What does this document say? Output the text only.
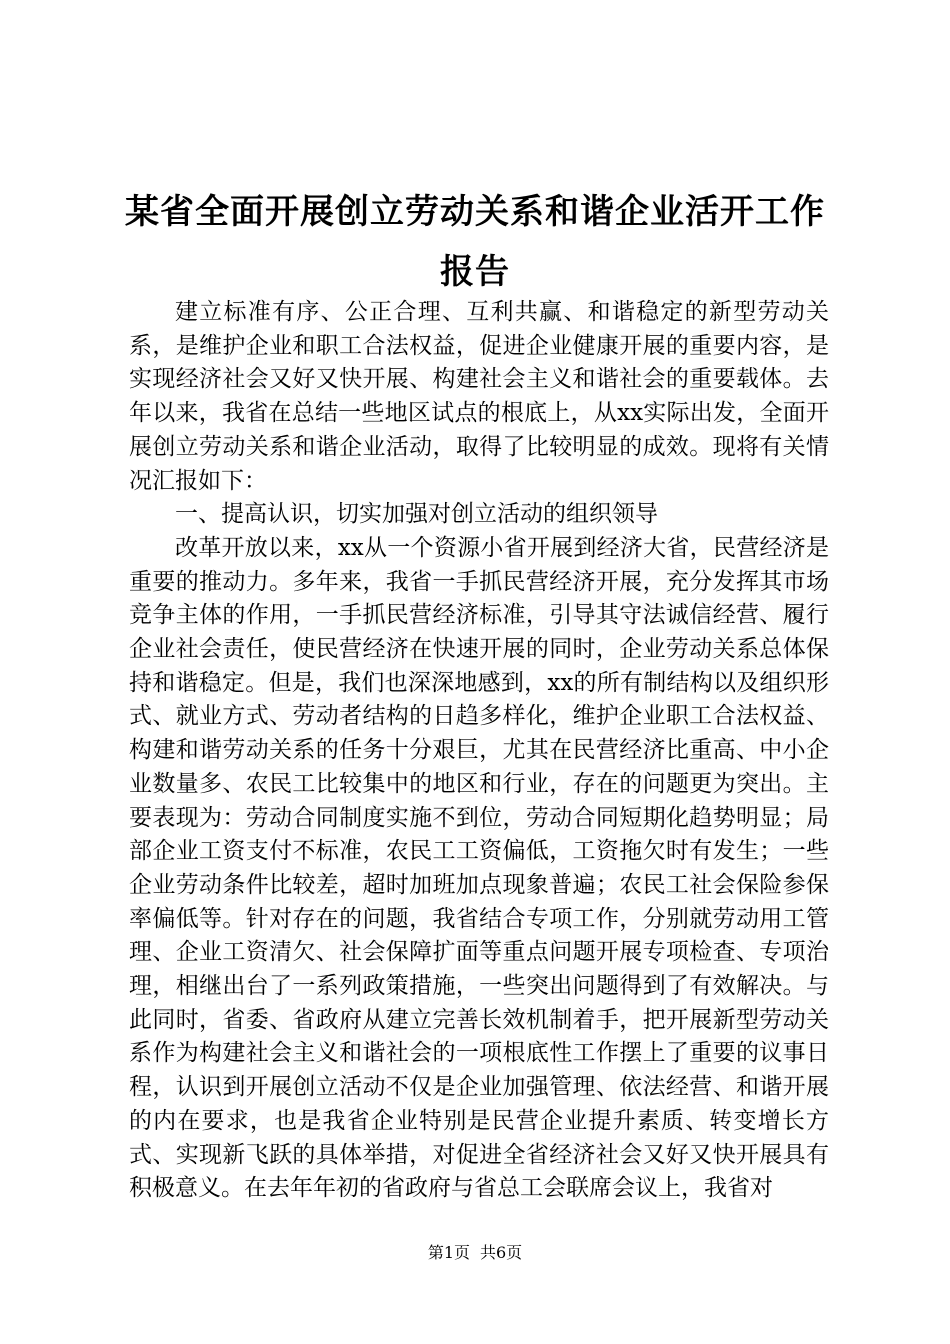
某省全面开展创立劳动关系和谐企业活开工作报告

建立标准有序、公正合理、互利共赢、和谐稳定的新型劳动关系，是维护企业和职工合法权益，促进企业健康开展的重要内容，是实现经济社会又好又快开展、构建社会主义和谐社会的重要载体。去年以来，我省在总结一些地区试点的根底上，从xx实际出发，全面开展创立劳动关系和谐企业活动，取得了比较明显的成效。现将有关情况汇报如下：

一、提高认识，切实加强对创立活动的组织领导

改革开放以来，xx从一个资源小省开展到经济大省，民营经济是重要的推动力。多年来，我省一手抓民营经济开展，充分发挥其市场竞争主体的作用，一手抓民营经济标准，引导其守法诚信经营、履行企业社会责任，使民营经济在快速开展的同时，企业劳动关系总体保持和谐稳定。但是，我们也深深地感到，xx的所有制结构以及组织形式、就业方式、劳动者结构的日趋多样化，维护企业职工合法权益、构建和谐劳动关系的任务十分艰巨，尤其在民营经济比重高、中小企业数量多、农民工比较集中的地区和行业，存在的问题更为突出。主要表现为：劳动合同制度实施不到位，劳动合同短期化趋势明显；局部企业工资支付不标准，农民工工资偏低，工资拖欠时有发生；一些企业劳动条件比较差，超时加班加点现象普遍；农民工社会保险参保率偏低等。针对存在的问题，我省结合专项工作，分别就劳动用工管理、企业工资清欠、社会保障扩面等重点问题开展专项检查、专项治理，相继出台了一系列政策措施，一些突出问题得到了有效解决。与此同时，省委、省政府从建立完善长效机制着手，把开展新型劳动关系作为构建社会主义和谐社会的一项根底性工作摆上了重要的议事日程，认识到开展创立活动不仅是企业加强管理、依法经营、和谐开展的内在要求，也是我省企业特别是民营企业提升素质、转变增长方式、实现新飞跃的具体举措，对促进全省经济社会又好又快开展具有积极意义。在去年年初的省政府与省总工会联席会议上，我省对

第1页 共6页
